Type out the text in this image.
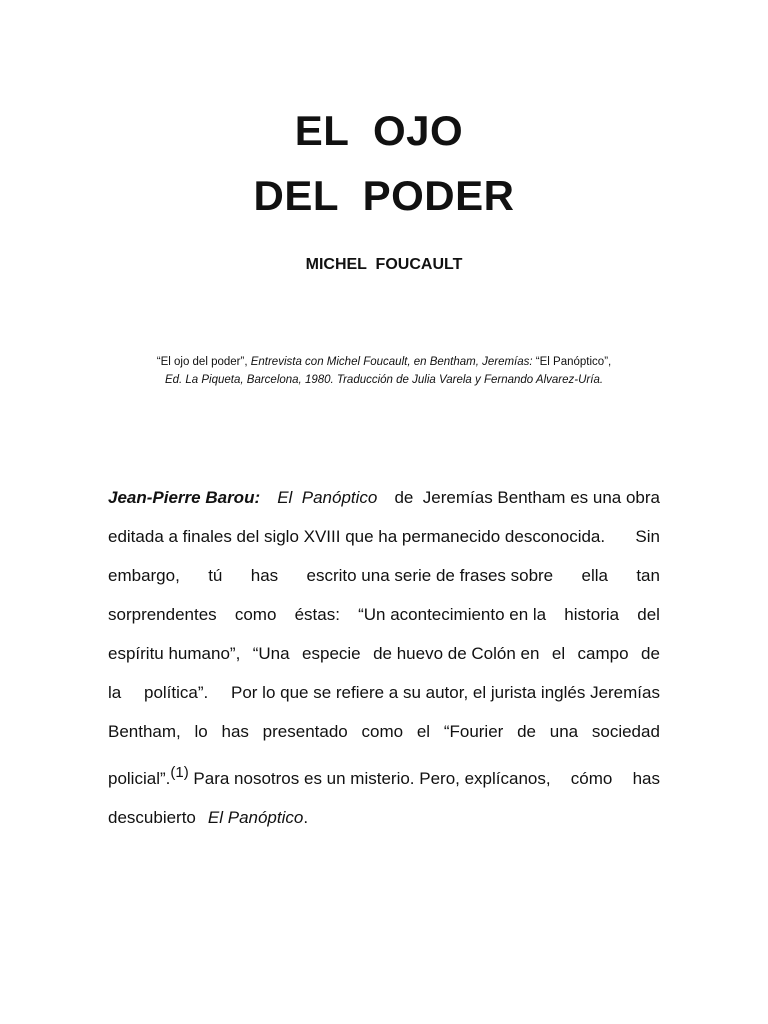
EL  OJO
DEL  PODER

MICHEL  FOUCAULT

“El ojo del poder”, Entrevista con Michel Foucault, en Bentham, Jeremías: “El Panóptico”,

Ed. La Piqueta, Barcelona, 1980. Traducción de Julia Varela y Fernando Alvarez-Uría.

Jean-Pierre Barou: El  Panóptico de  Jeremías Bentham es una obra
editada a finales del siglo XVIII que ha permanecido desconocida. Sin
embargo, tú has escrito una serie de frases sobre ella tan
sorprendentes como éstas: “Un acontecimiento en la historia del
espíritu humano”, “Una especie de huevo de Colón en el campo de
la política”. Por lo que se refiere a su autor, el jurista inglés Jeremías
Bentham, lo has presentado como el “Fourier de una sociedad
policial”.$^{(1)}$ Para nosotros es un misterio. Pero, explícanos, cómo has
descubierto El Panóptico.
